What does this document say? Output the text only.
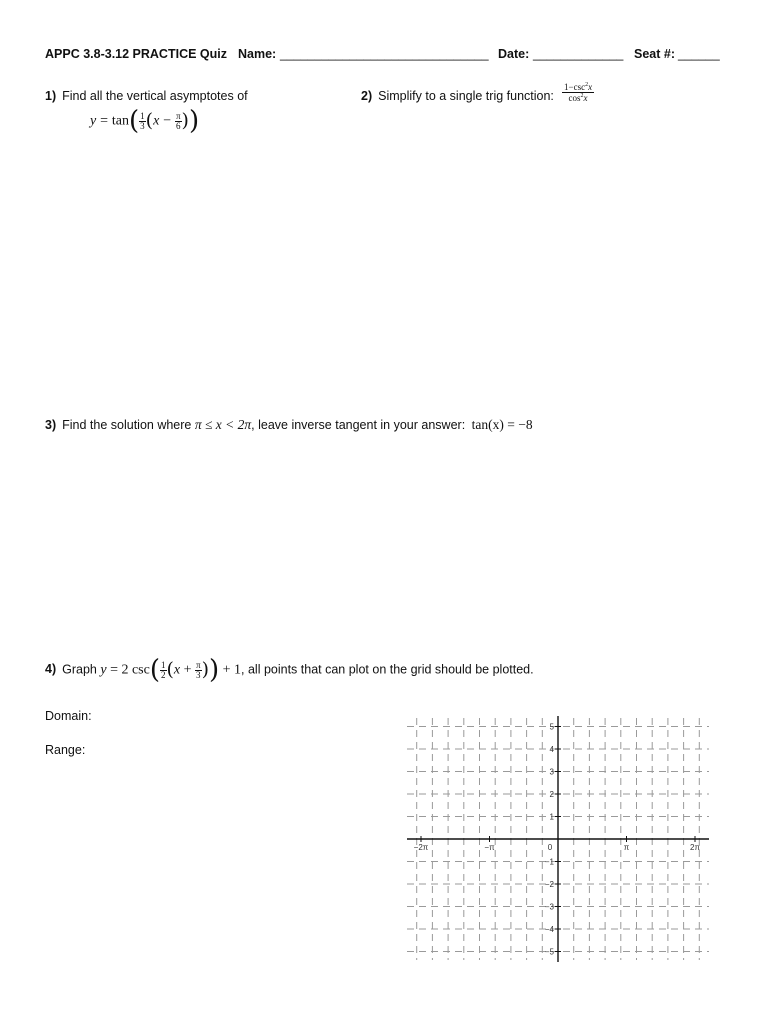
APPC 3.8-3.12 PRACTICE Quiz Name: ______________________________ Date: _____________ Seat #: ______
1) Find all the vertical asymptotes of
$y = \tan( \frac{1}{3} (x - \frac{\pi}{6}$ ))
2) Simplify to a single trig function: $\frac{1-\csc^2x}{\cos^2x}$
3) Find the solution where π ≤ x < 2π, leave inverse tangent in your answer: tan(x) = −8
4) Graph y = 2 $\csc( \frac{1}{2} (x + \frac{\pi}{3}$ )) + 1, all points that can plot on the grid should be plotted.
Domain:
Range:
5
4
3
2
1
−1
−2
−3
−4
−5
−2π	−π	0	π	2π
